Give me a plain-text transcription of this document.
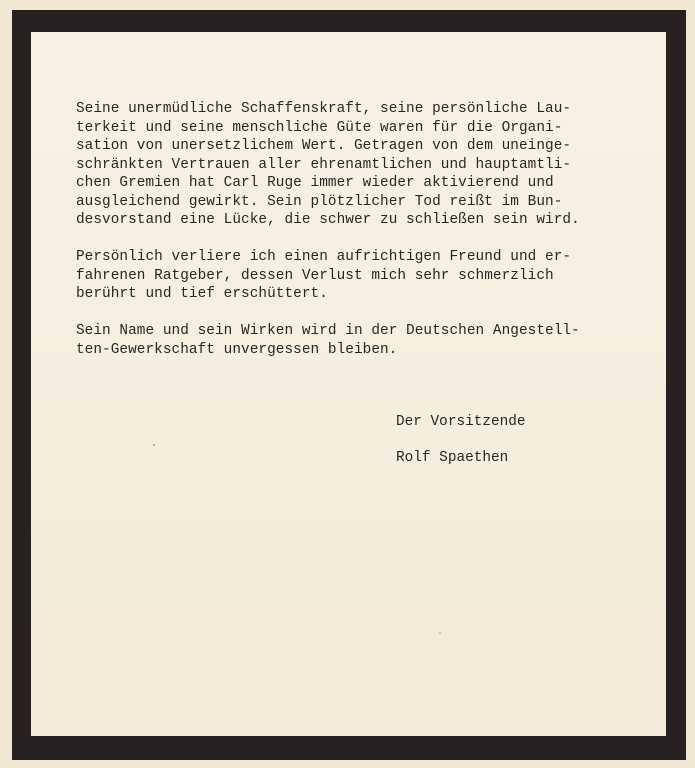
Seine unermüdliche Schaffenskraft, seine persönliche Lau-
terkeit und seine menschliche Güte waren für die Organi-
sation von unersetzlichem Wert. Getragen von dem uneinge-
schränkten Vertrauen aller ehrenamtlichen und hauptamtli-
chen Gremien hat Carl Ruge immer wieder aktivierend und
ausgleichend gewirkt. Sein plötzlicher Tod reißt im Bun-
desvorstand eine Lücke, die schwer zu schließen sein wird.

Persönlich verliere ich einen aufrichtigen Freund und er-
fahrenen Ratgeber, dessen Verlust mich sehr schmerzlich
berührt und tief erschüttert.

Sein Name und sein Wirken wird in der Deutschen Angestell-
ten-Gewerkschaft unvergessen bleiben.

Der Vorsitzende
Rolf Spaethen
